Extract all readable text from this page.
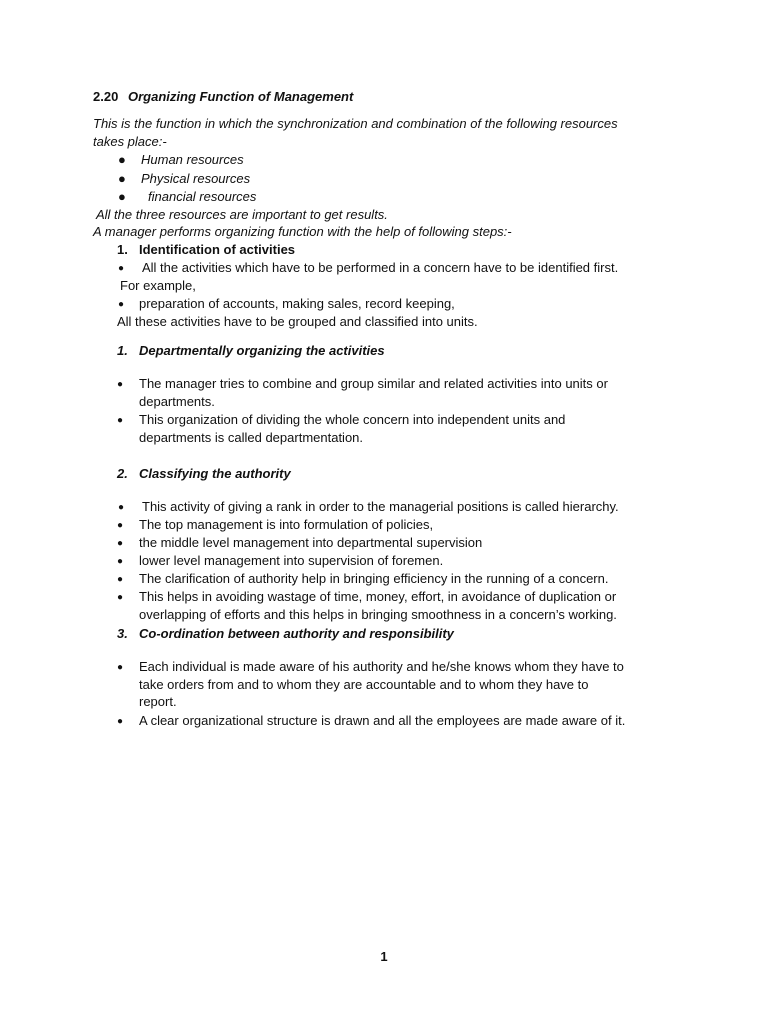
2.20 Organizing Function of Management
This is the function in which the synchronization and combination of the following resources
takes place:-
● Human resources
● Physical resources
● financial resources
All the three resources are important to get results.
A manager performs organizing function with the help of following steps:-
1. Identification of activities
● All the activities which have to be performed in a concern have to be identified first.
For example,
● preparation of accounts, making sales, record keeping,
All these activities have to be grouped and classified into units.
1. Departmentally organizing the activities
● The manager tries to combine and group similar and related activities into units or
departments.
● This organization of dividing the whole concern into independent units and
departments is called departmentation.
2. Classifying the authority
● This activity of giving a rank in order to the managerial positions is called hierarchy.
● The top management is into formulation of policies,
● the middle level management into departmental supervision
● lower level management into supervision of foremen.
● The clarification of authority help in bringing efficiency in the running of a concern.
● This helps in avoiding wastage of time, money, effort, in avoidance of duplication or
overlapping of efforts and this helps in bringing smoothness in a concern’s working.
3. Co-ordination between authority and responsibility
● Each individual is made aware of his authority and he/she knows whom they have to
take orders from and to whom they are accountable and to whom they have to
report.
● A clear organizational structure is drawn and all the employees are made aware of it.
1
